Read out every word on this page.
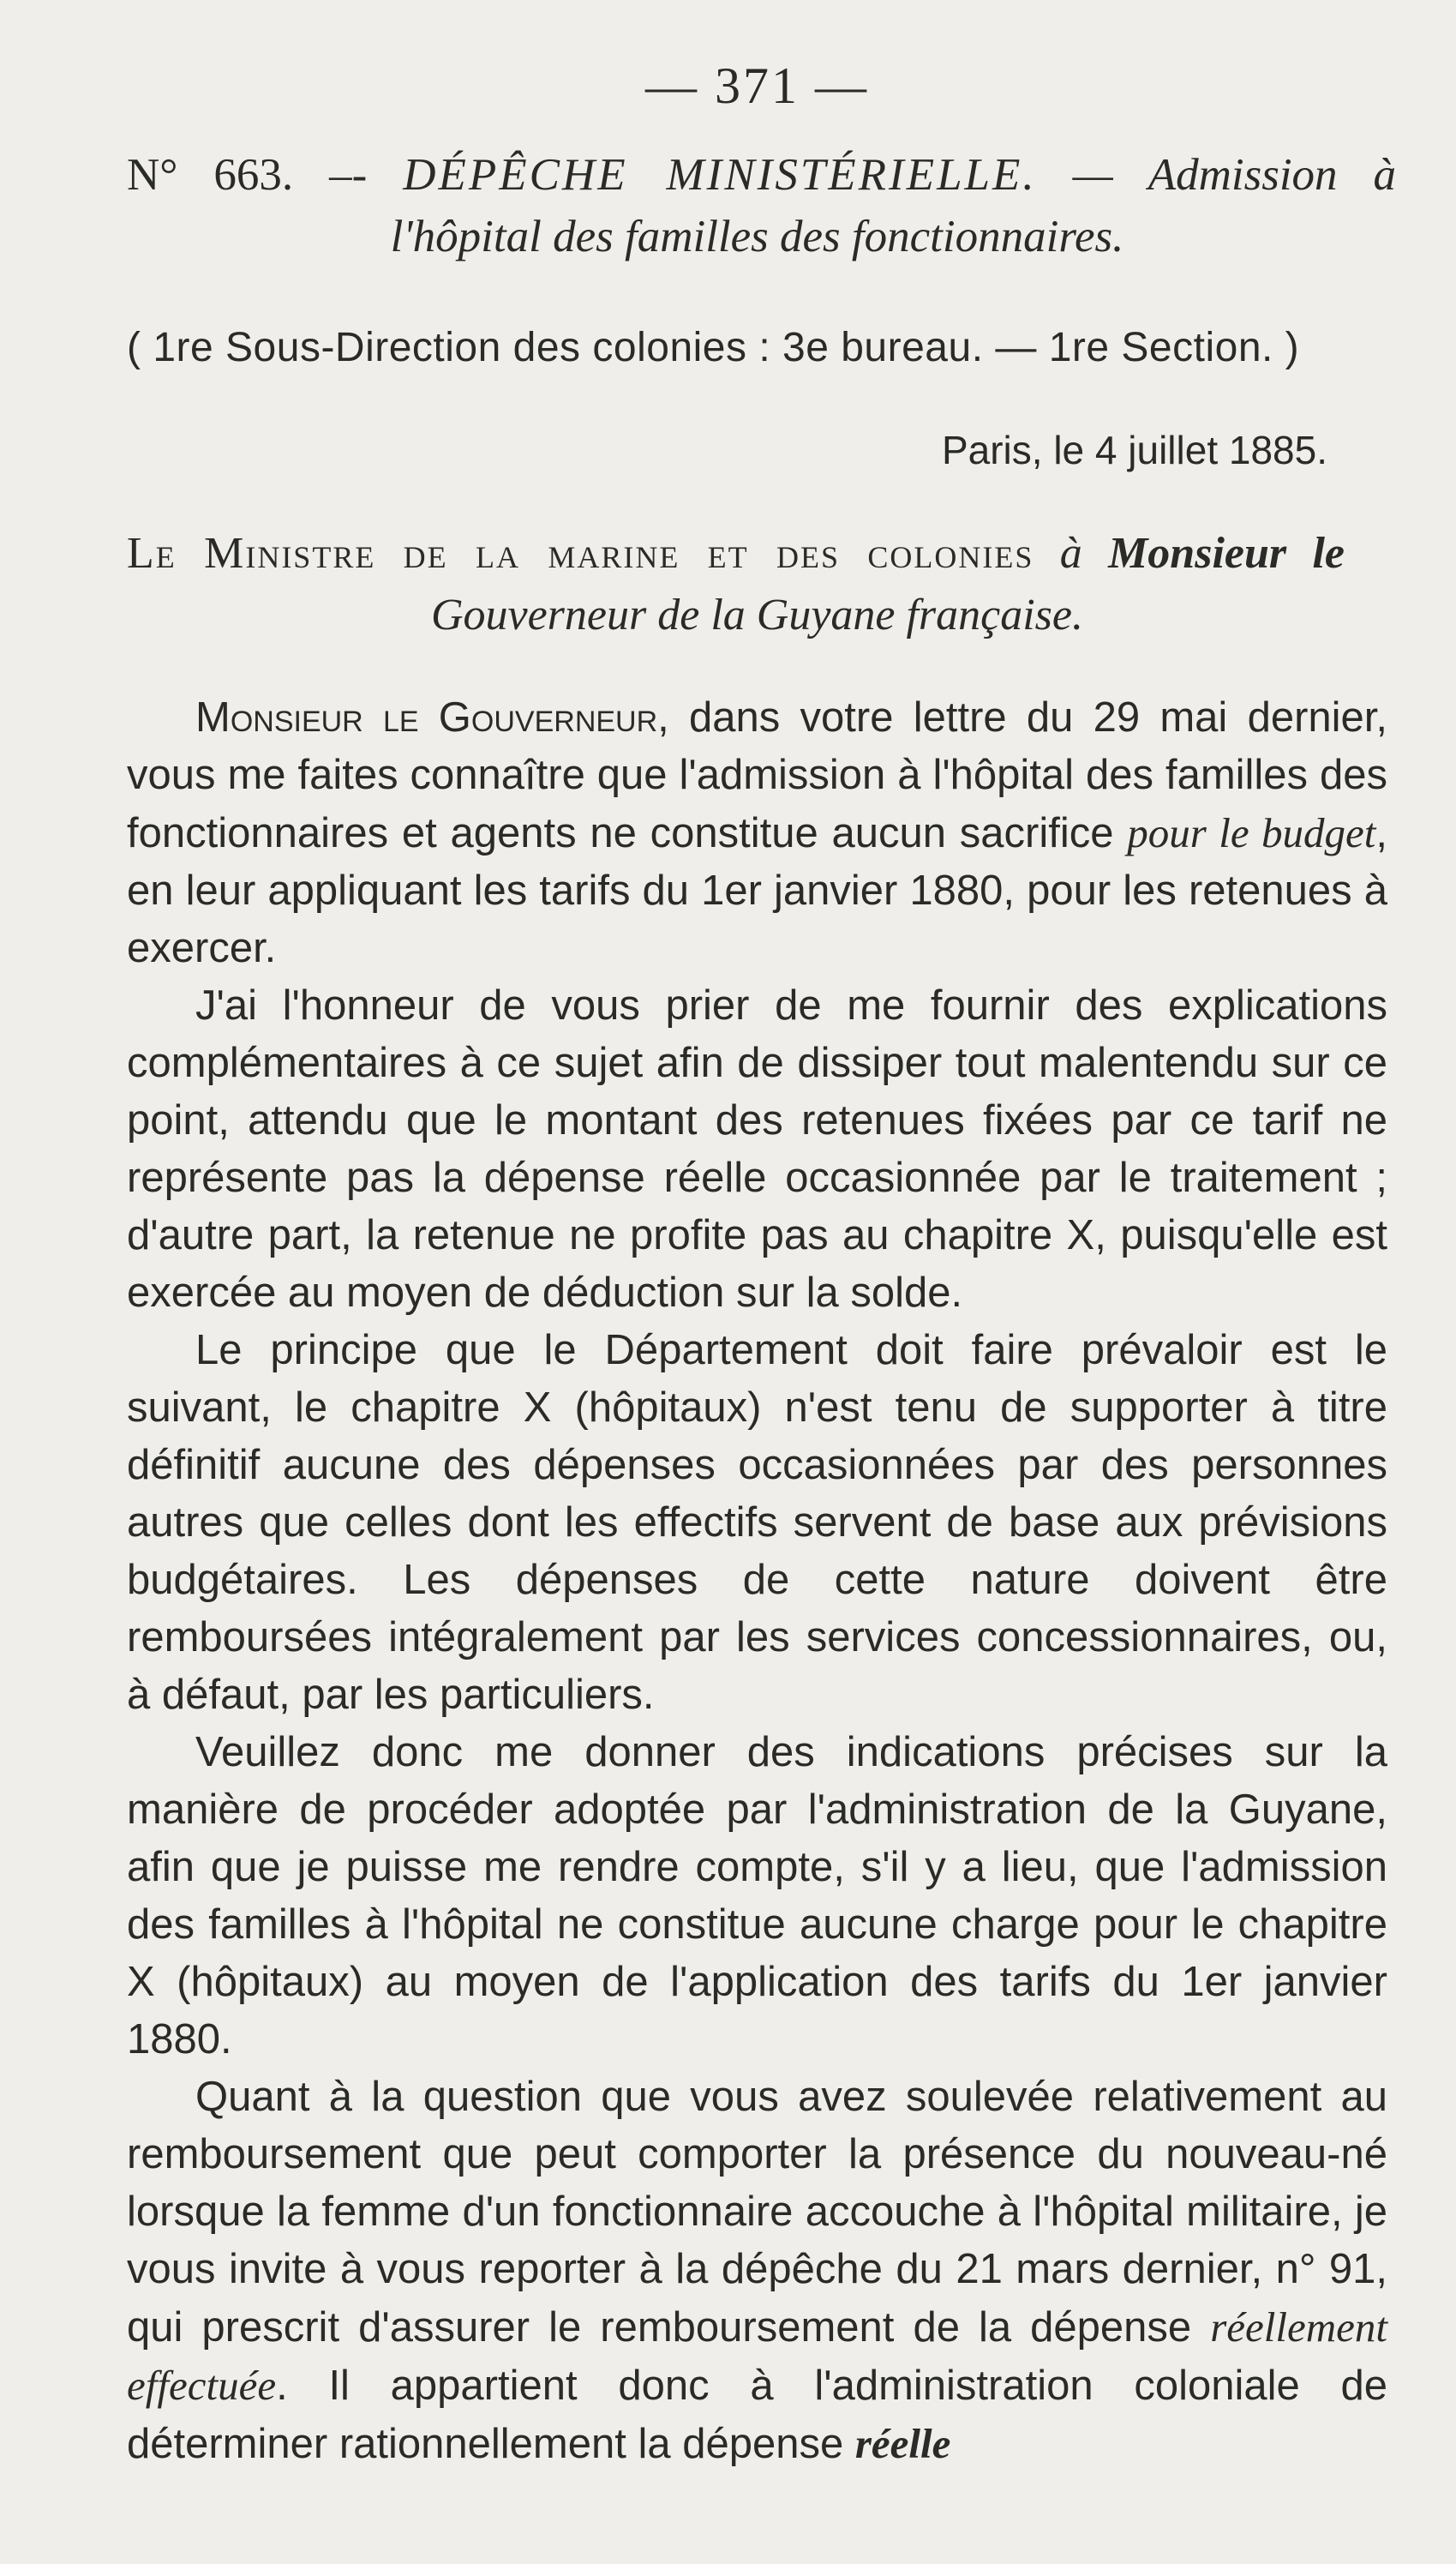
— 371 —
N° 663. –- DÉPÊCHE MINISTÉRIELLE. — Admission à
l'hôpital des familles des fonctionnaires.
( 1re Sous-Direction des colonies : 3e bureau. — 1re Section. )
Paris, le 4 juillet 1885.
Le Ministre de la marine et des colonies à Monsieur le
Gouverneur de la Guyane française.

Monsieur le Gouverneur, dans votre lettre du 29 mai dernier, vous me faites connaître que l'admission à l'hôpital des familles des fonctionnaires et agents ne constitue aucun sacrifice pour le budget, en leur appliquant les tarifs du 1er janvier 1880, pour les retenues à exercer.

J'ai l'honneur de vous prier de me fournir des explications complémentaires à ce sujet afin de dissiper tout malentendu sur ce point, attendu que le montant des retenues fixées par ce tarif ne représente pas la dépense réelle occasionnée par le traitement ; d'autre part, la retenue ne profite pas au chapitre X, puisqu'elle est exercée au moyen de déduction sur la solde.

Le principe que le Département doit faire prévaloir est le suivant, le chapitre X (hôpitaux) n'est tenu de supporter à titre définitif aucune des dépenses occasionnées par des personnes autres que celles dont les effectifs servent de base aux prévisions budgétaires. Les dépenses de cette nature doivent être remboursées intégralement par les services concessionnaires, ou, à défaut, par les particuliers.

Veuillez donc me donner des indications précises sur la manière de procéder adoptée par l'administration de la Guyane, afin que je puisse me rendre compte, s'il y a lieu, que l'admission des familles à l'hôpital ne constitue aucune charge pour le chapitre X (hôpitaux) au moyen de l'application des tarifs du 1er janvier 1880.

Quant à la question que vous avez soulevée relativement au remboursement que peut comporter la présence du nouveau-né lorsque la femme d'un fonctionnaire accouche à l'hôpital militaire, je vous invite à vous reporter à la dépêche du 21 mars dernier, n° 91, qui prescrit d'assurer le remboursement de la dépense réellement effectuée. Il appartient donc à l'administration coloniale de déterminer rationnellement la dépense réelle
